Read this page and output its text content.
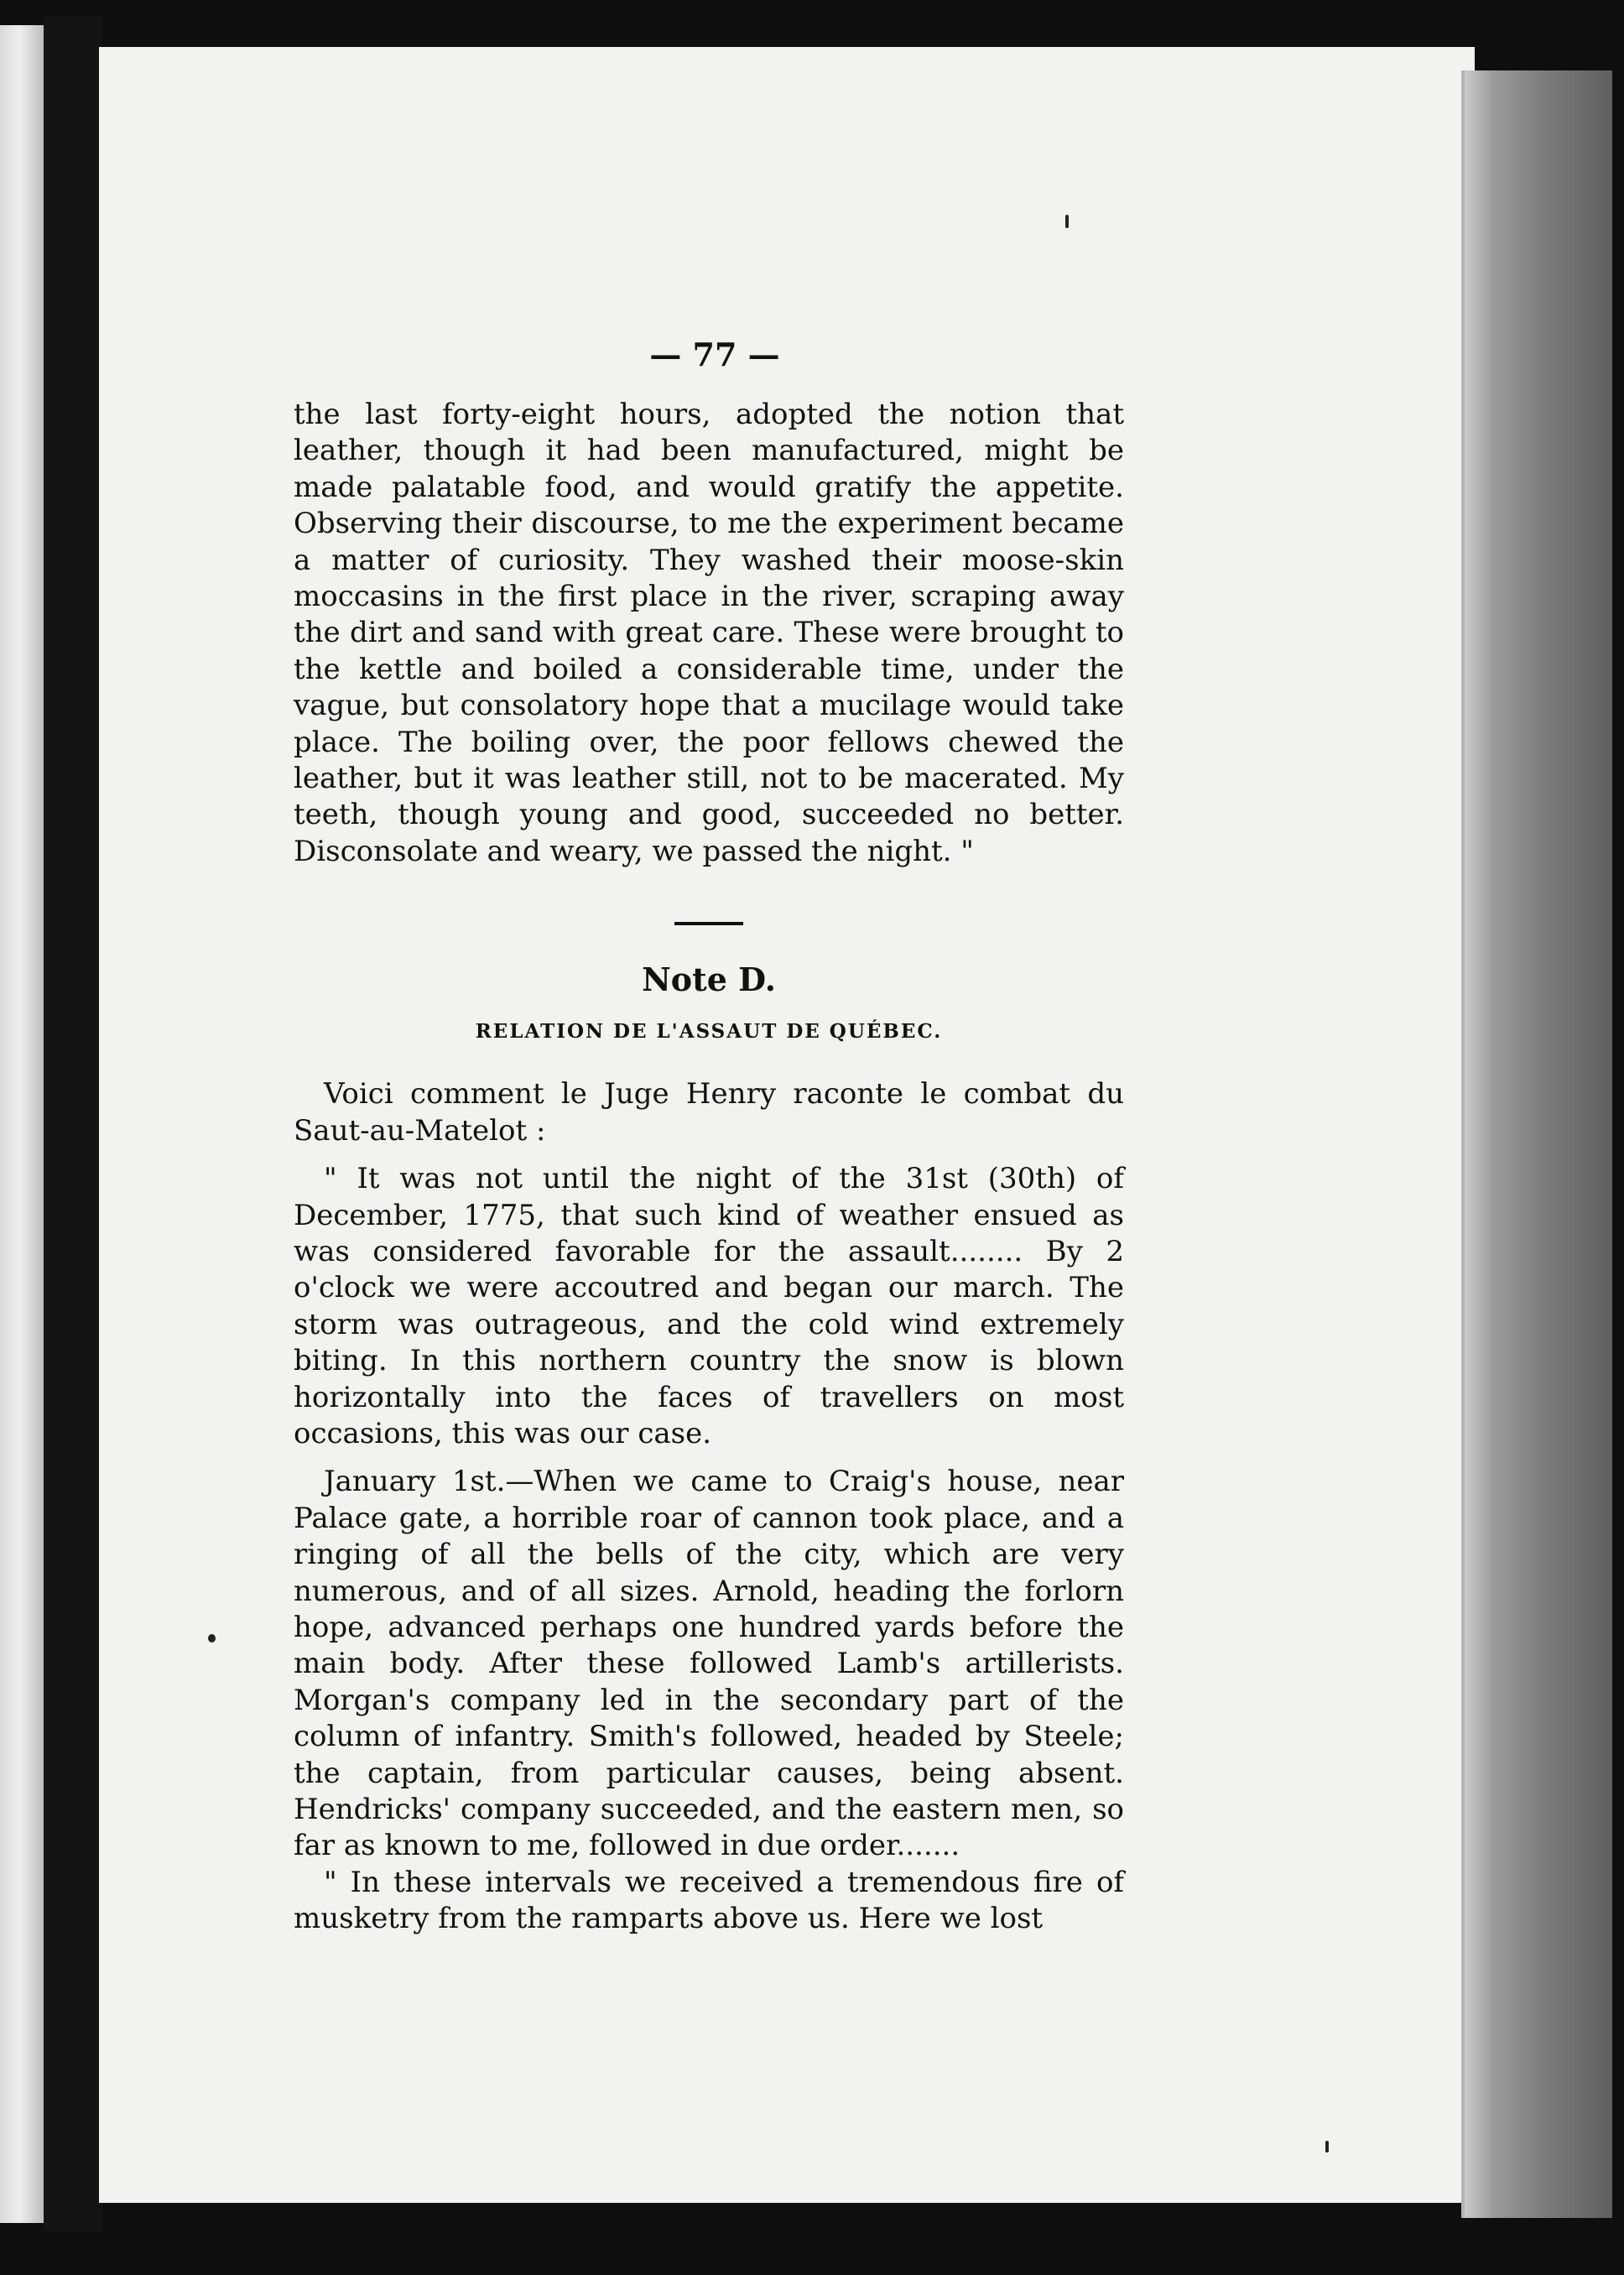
— 77 —

the last forty-eight hours, adopted the notion that leather, though it had been manufactured, might be made palatable food, and would gratify the appetite. Observing their discourse, to me the experiment became a matter of curiosity. They washed their moose-skin moccasins in the first place in the river, scraping away the dirt and sand with great care. These were brought to the kettle and boiled a considerable time, under the vague, but consolatory hope that a mucilage would take place. The boiling over, the poor fellows chewed the leather, but it was leather still, not to be macerated. My teeth, though young and good, succeeded no better. Disconsolate and weary, we passed the night. "

Note D.
RELATION DE L'ASSAUT DE QUÉBEC.

Voici comment le Juge Henry raconte le combat du Saut-au-Matelot :

" It was not until the night of the 31st (30th) of December, 1775, that such kind of weather ensued as was considered favorable for the assault........ By 2 o'clock we were accoutred and began our march. The storm was outrageous, and the cold wind extremely biting. In this northern country the snow is blown horizontally into the faces of travellers on most occasions, this was our case.

January 1st.—When we came to Craig's house, near Palace gate, a horrible roar of cannon took place, and a ringing of all the bells of the city, which are very numerous, and of all sizes. Arnold, heading the forlorn hope, advanced perhaps one hundred yards before the main body. After these followed Lamb's artillerists. Morgan's company led in the secondary part of the column of infantry. Smith's followed, headed by Steele; the captain, from particular causes, being absent. Hendricks' company succeeded, and the eastern men, so far as known to me, followed in due order.......

" In these intervals we received a tremendous fire of musketry from the ramparts above us. Here we lost
